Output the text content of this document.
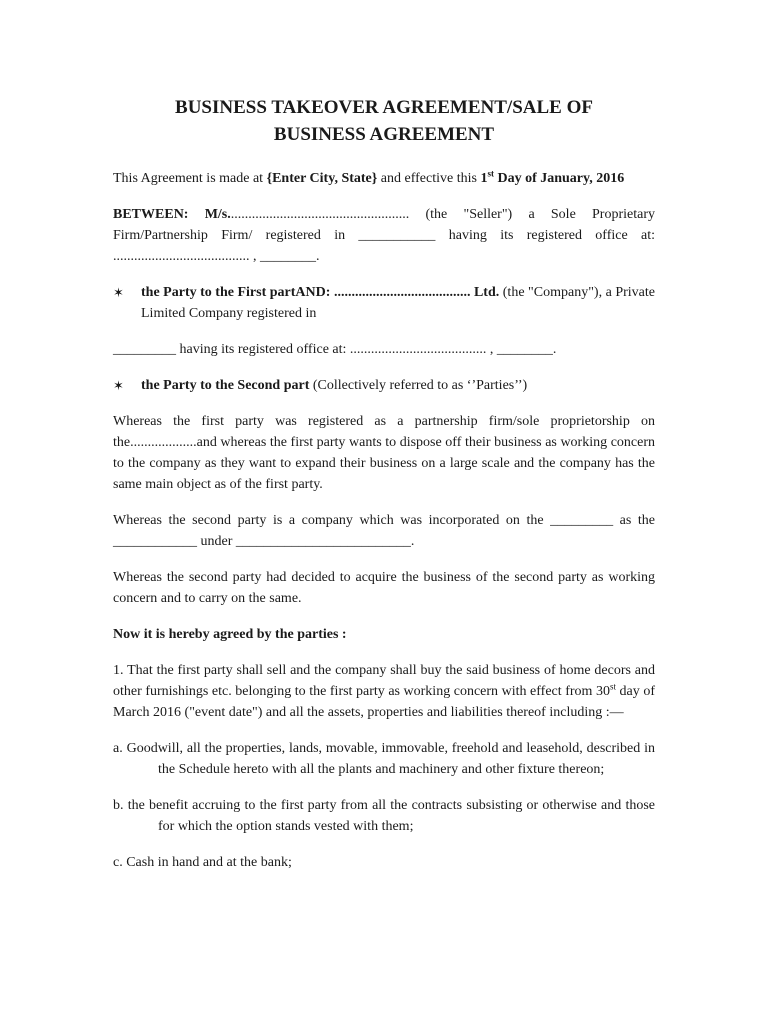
BUSINESS TAKEOVER AGREEMENT/SALE OF
BUSINESS AGREEMENT

This Agreement is made at {Enter City, State} and effective this 1st Day of January, 2016

BETWEEN: M/s.................................................... (the "Seller") a Sole Proprietary Firm/Partnership Firm/ registered in ___________ having its registered office at: ....................................... , ________.

✶	the Party to the First partAND: ....................................... Ltd. (the "Company"), a Private Limited Company registered in

_________ having its registered office at: ....................................... , ________.

✶	the Party to the Second part (Collectively referred to as ‘’Parties’’)

Whereas the first party was registered as a partnership firm/sole proprietorship on the...................and whereas the first party wants to dispose off their business as working concern to the company as they want to expand their business on a large scale and the company has the same main object as of the first party.

Whereas the second party is a company which was incorporated on the _________ as the ____________ under _________________________.

Whereas the second party had decided to acquire the business of the second party as working concern and to carry on the same.

Now it is hereby agreed by the parties :

1. That the first party shall sell and the company shall buy the said business of home decors and other furnishings etc. belonging to the first party as working concern with effect from 30st day of March 2016 ("event date") and all the assets, properties and liabilities thereof including :—

a. Goodwill, all the properties, lands, movable, immovable, freehold and leasehold, described in the Schedule hereto with all the plants and machinery and other fixture thereon;

b. the benefit accruing to the first party from all the contracts subsisting or otherwise and those for which the option stands vested with them;

c. Cash in hand and at the bank;
